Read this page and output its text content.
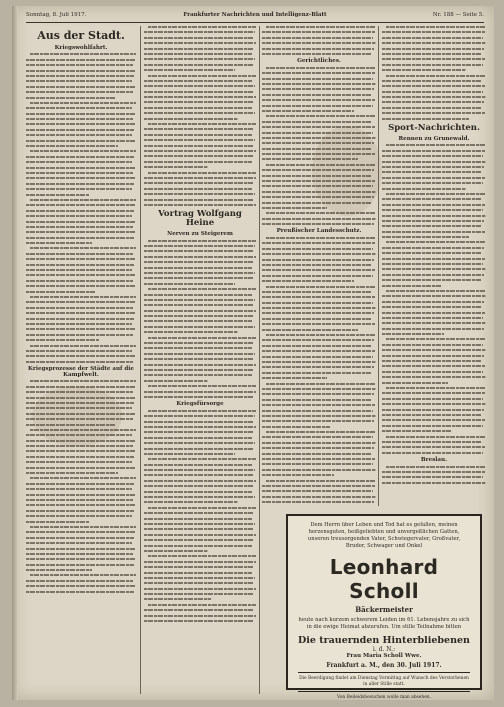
Sonntag, 8. Juli 1917.	Frankfurter Nachrichten und Intelligenz-Blatt	Nr. 188 — Seite 5.
Aus der Stadt.
Kriegswohlfahrt.
Kriegsprozesse der Städte auf die Kampfwelt.
Vortrag Wolfgang Heine
Nerven zu Steigerem
Kriegsfürsorge
Gerichtliches.
Preußischer Landesschutz.
Sport-Nachrichten.
Rennen zu Grunewald.
Breslau.
Dem Herrn über Leben und Tod hat es gefallen, meinen herzensguten, heißgeliebten und unvergeßlichen Gatten, unseren treusorgenden Vater, Schwiegervater, Großvater, Bruder, Schwager und Onkel
Leonhard Scholl
Bäckermeister
heute nach kurzem schwerem Leiden im 61. Lebensjahre zu sich in die ewige Heimat abzurufen. Um stille Teilnahme bitten
Die trauernden Hinterbliebenen
i. d. N.:
Frau Maria Scholl Wwe.
Frankfurt a. M., den 30. Juli 1917.
Die Beerdigung findet am Dienstag Vormittag auf Wunsch des Verstorbenen in aller Stille statt.
Von Beileidsbesuchen wolle man absehen.
